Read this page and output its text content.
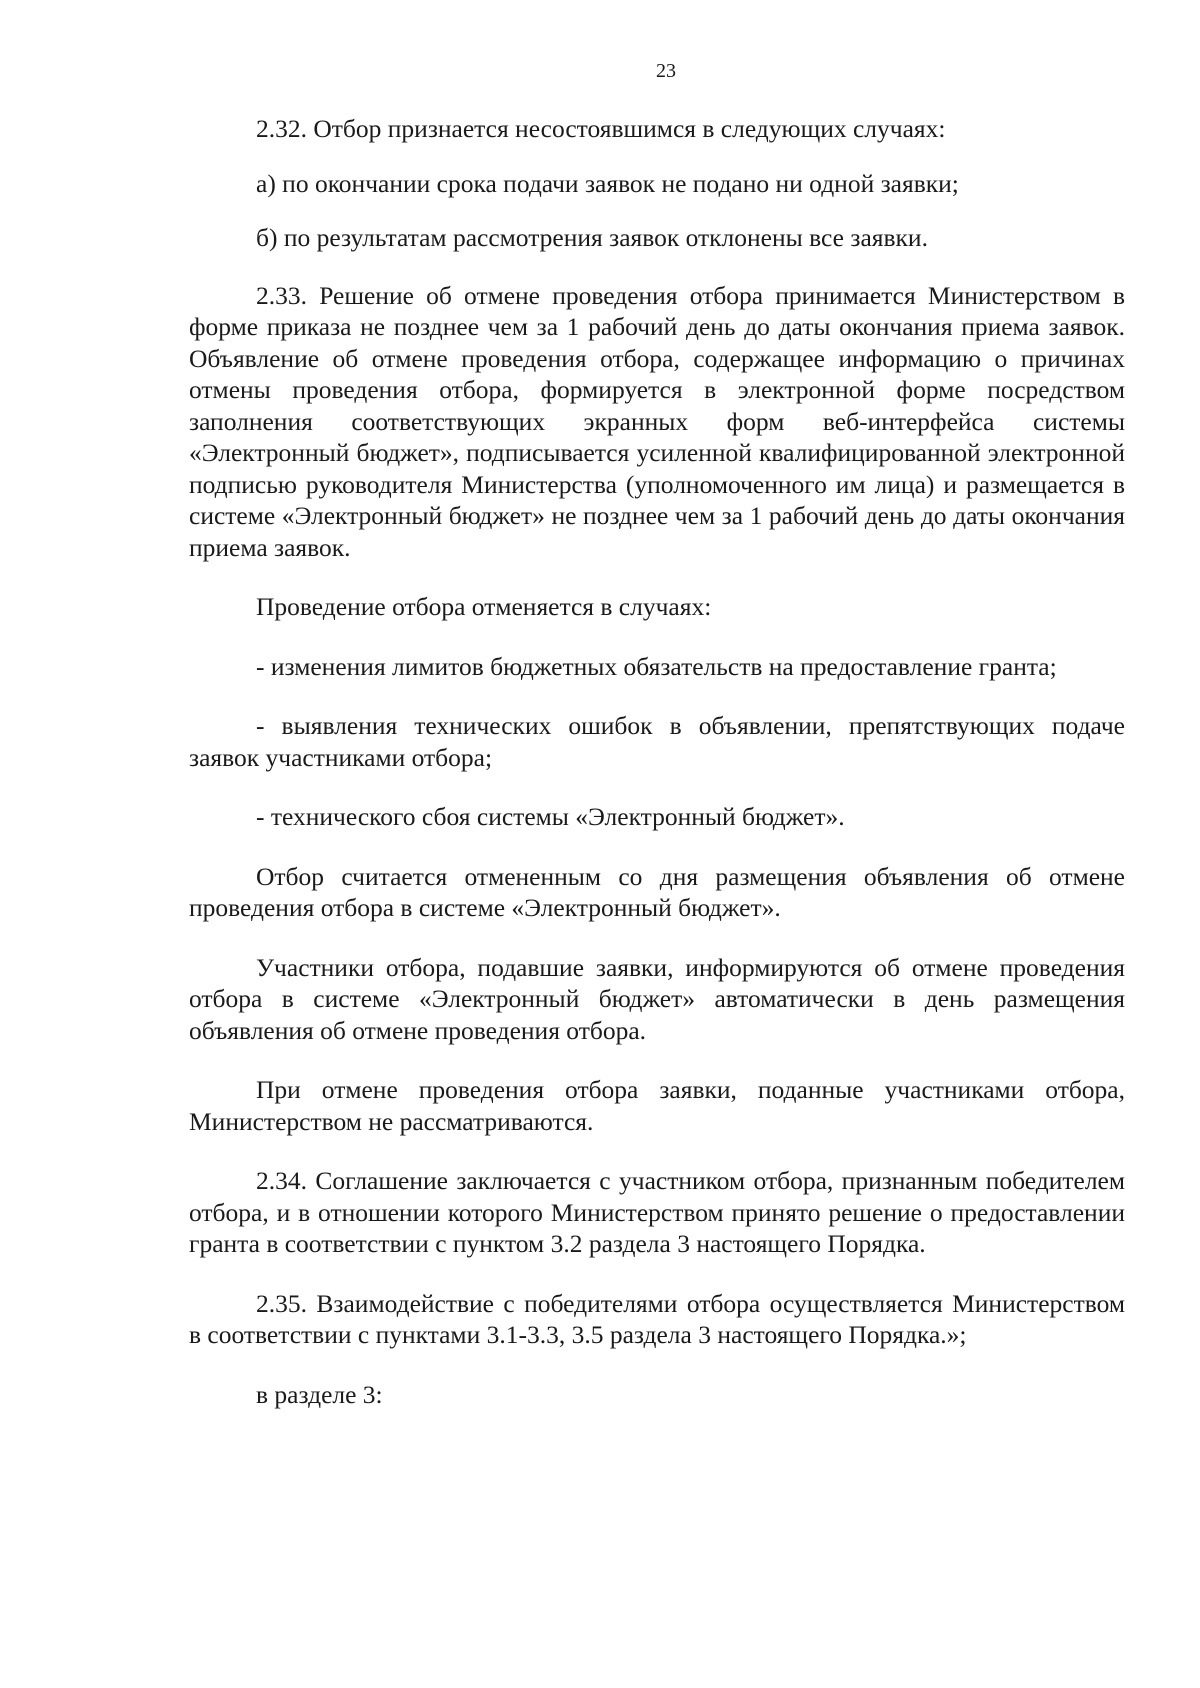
23

2.32. Отбор признается несостоявшимся в следующих случаях:

а) по окончании срока подачи заявок не подано ни одной заявки;

б) по результатам рассмотрения заявок отклонены все заявки.

2.33. Решение об отмене проведения отбора принимается Министерством в форме приказа не позднее чем за 1 рабочий день до даты окончания приема заявок. Объявление об отмене проведения отбора, содержащее информацию о причинах отмены проведения отбора, формируется в электронной форме посредством заполнения соответствующих экранных форм веб-интерфейса системы «Электронный бюджет», подписывается усиленной квалифицированной электронной подписью руководителя Министерства (уполномоченного им лица) и размещается в системе «Электронный бюджет» не позднее чем за 1 рабочий день до даты окончания приема заявок.

Проведение отбора отменяется в случаях:

- изменения лимитов бюджетных обязательств на предоставление гранта;

- выявления технических ошибок в объявлении, препятствующих подаче заявок участниками отбора;

- технического сбоя системы «Электронный бюджет».

Отбор считается отмененным со дня размещения объявления об отмене проведения отбора в системе «Электронный бюджет».

Участники отбора, подавшие заявки, информируются об отмене проведения отбора в системе «Электронный бюджет» автоматически в день размещения объявления об отмене проведения отбора.

При отмене проведения отбора заявки, поданные участниками отбора, Министерством не рассматриваются.

2.34. Соглашение заключается с участником отбора, признанным победителем отбора, и в отношении которого Министерством принято решение о предоставлении гранта в соответствии с пунктом 3.2 раздела 3 настоящего Порядка.

2.35. Взаимодействие с победителями отбора осуществляется Министерством в соответствии с пунктами 3.1-3.3, 3.5 раздела 3 настоящего Порядка.»;

в разделе 3:
